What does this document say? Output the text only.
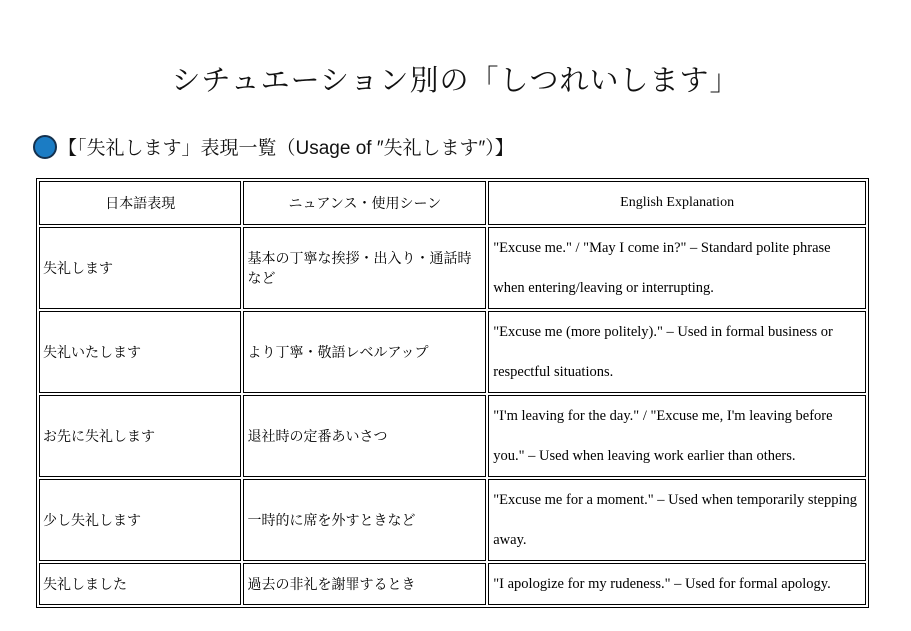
シチュエーション別の「しつれいします」
【「失礼します」表現一覧（Usage of ″失礼します″）】
日本語表現	ニュアンス・使用シーン	English Explanation
失礼します	基本の丁寧な挨拶・出入り・通話時など	"Excuse me." / "May I come in?" – Standard polite phrase when entering/leaving or interrupting.
失礼いたします	より丁寧・敬語レベルアップ	"Excuse me (more politely)." – Used in formal business or respectful situations.
お先に失礼します	退社時の定番あいさつ	"I'm leaving for the day." / "Excuse me, I'm leaving before you." – Used when leaving work earlier than others.
少し失礼します	一時的に席を外すときなど	"Excuse me for a moment." – Used when temporarily stepping away.
失礼しました	過去の非礼を謝罪するとき	"I apologize for my rudeness." – Used for formal apology.
